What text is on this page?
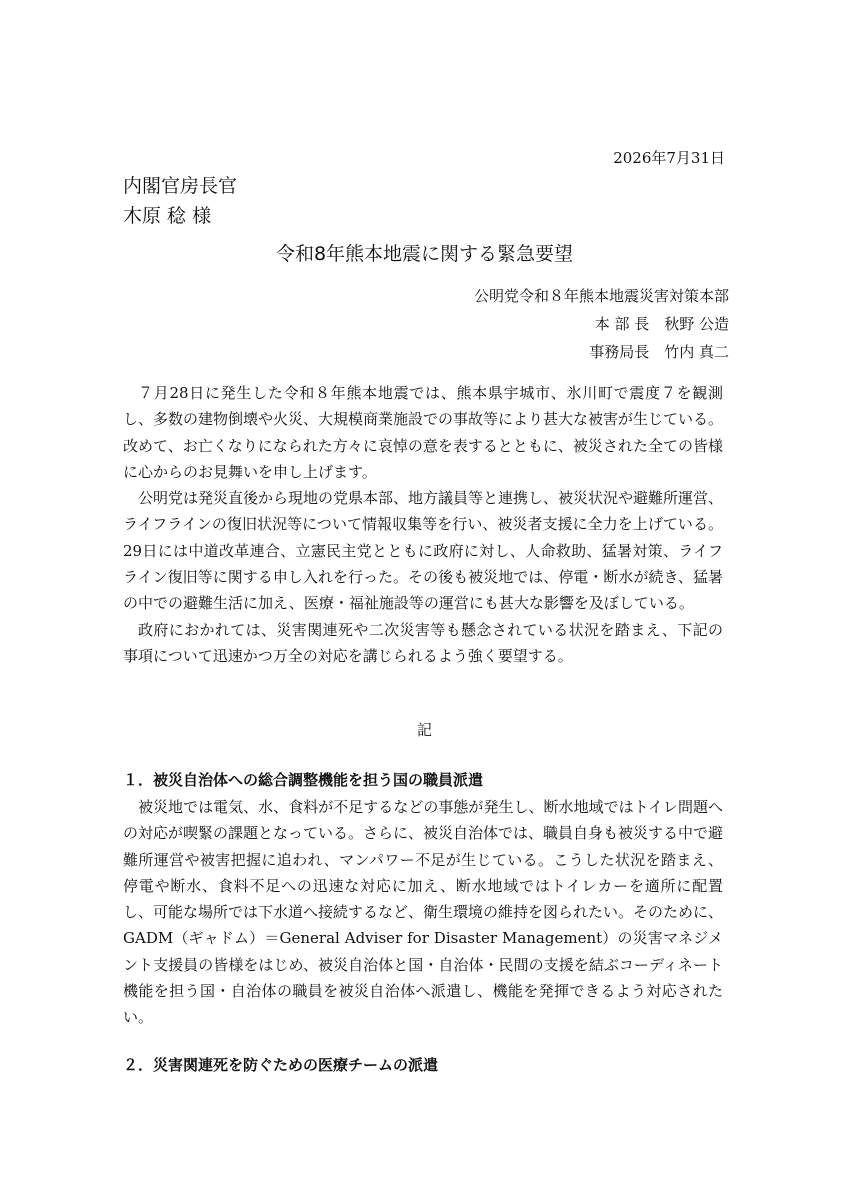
2026年7月31日
内閣官房長官
木原 稔 様
令和8年熊本地震に関する緊急要望
公明党令和８年熊本地震災害対策本部
本 部 長　秋野 公造
事務局長　竹内 真二

７月28日に発生した令和８年熊本地震では、熊本県宇城市、氷川町で震度７を観測し、多数の建物倒壊や火災、大規模商業施設での事故等により甚大な被害が生じている。改めて、お亡くなりになられた方々に哀悼の意を表するとともに、被災された全ての皆様に心からのお見舞いを申し上げます。

公明党は発災直後から現地の党県本部、地方議員等と連携し、被災状況や避難所運営、ライフラインの復旧状況等について情報収集等を行い、被災者支援に全力を上げている。29日には中道改革連合、立憲民主党とともに政府に対し、人命救助、猛暑対策、ライフライン復旧等に関する申し入れを行った。その後も被災地では、停電・断水が続き、猛暑の中での避難生活に加え、医療・福祉施設等の運営にも甚大な影響を及ぼしている。

政府におかれては、災害関連死や二次災害等も懸念されている状況を踏まえ、下記の事項について迅速かつ万全の対応を講じられるよう強く要望する。

記
１．被災自治体への総合調整機能を担う国の職員派遣

被災地では電気、水、食料が不足するなどの事態が発生し、断水地域ではトイレ問題への対応が喫緊の課題となっている。さらに、被災自治体では、職員自身も被災する中で避難所運営や被害把握に追われ、マンパワー不足が生じている。こうした状況を踏まえ、停電や断水、食料不足への迅速な対応に加え、断水地域ではトイレカーを適所に配置し、可能な場所では下水道へ接続するなど、衛生環境の維持を図られたい。そのために、GADM（ギャドム）＝General Adviser for Disaster Management）の災害マネジメント支援員の皆様をはじめ、被災自治体と国・自治体・民間の支援を結ぶコーディネート機能を担う国・自治体の職員を被災自治体へ派遣し、機能を発揮できるよう対応されたい。

２．災害関連死を防ぐための医療チームの派遣
